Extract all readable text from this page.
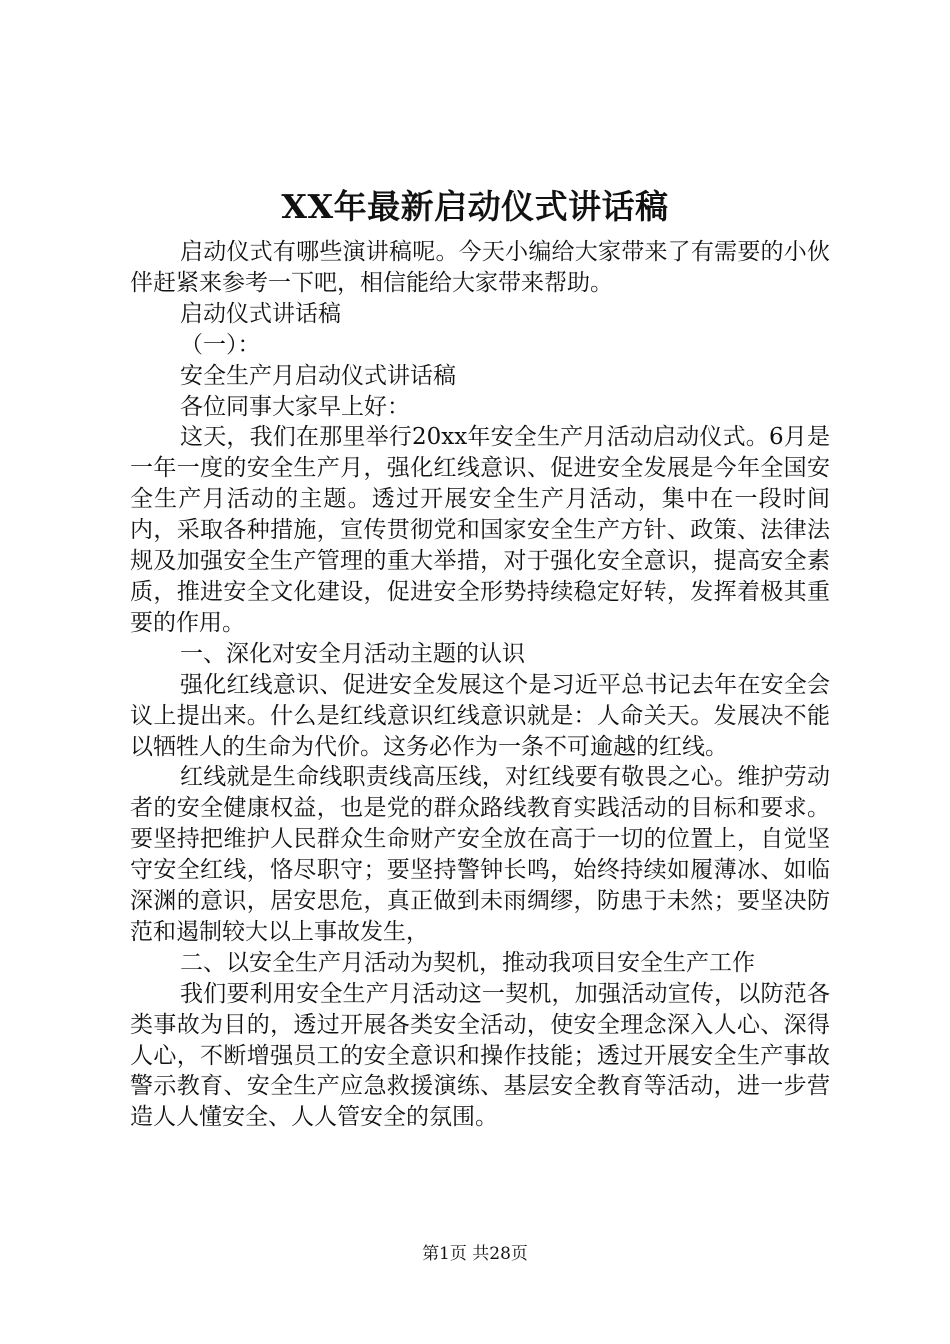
XX年最新启动仪式讲话稿

启动仪式有哪些演讲稿呢。今天小编给大家带来了有需要的小伙伴赶紧来参考一下吧，相信能给大家带来帮助。

启动仪式讲话稿

（一）：

安全生产月启动仪式讲话稿

各位同事大家早上好：

这天，我们在那里举行20xx年安全生产月活动启动仪式。6月是一年一度的安全生产月，强化红线意识、促进安全发展是今年全国安全生产月活动的主题。透过开展安全生产月活动，集中在一段时间内，采取各种措施，宣传贯彻党和国家安全生产方针、政策、法律法规及加强安全生产管理的重大举措，对于强化安全意识，提高安全素质，推进安全文化建设，促进安全形势持续稳定好转，发挥着极其重要的作用。

一、深化对安全月活动主题的认识

强化红线意识、促进安全发展这个是习近平总书记去年在安全会议上提出来。什么是红线意识红线意识就是：人命关天。发展决不能以牺牲人的生命为代价。这务必作为一条不可逾越的红线。

红线就是生命线职责线高压线，对红线要有敬畏之心。维护劳动者的安全健康权益，也是党的群众路线教育实践活动的目标和要求。要坚持把维护人民群众生命财产安全放在高于一切的位置上，自觉坚守安全红线，恪尽职守；要坚持警钟长鸣，始终持续如履薄冰、如临深渊的意识，居安思危，真正做到未雨绸缪，防患于未然；要坚决防范和遏制较大以上事故发生，

二、以安全生产月活动为契机，推动我项目安全生产工作

我们要利用安全生产月活动这一契机，加强活动宣传，以防范各类事故为目的，透过开展各类安全活动，使安全理念深入人心、深得人心，不断增强员工的安全意识和操作技能；透过开展安全生产事故警示教育、安全生产应急救援演练、基层安全教育等活动，进一步营造人人懂安全、人人管安全的氛围。

第1页 共28页
